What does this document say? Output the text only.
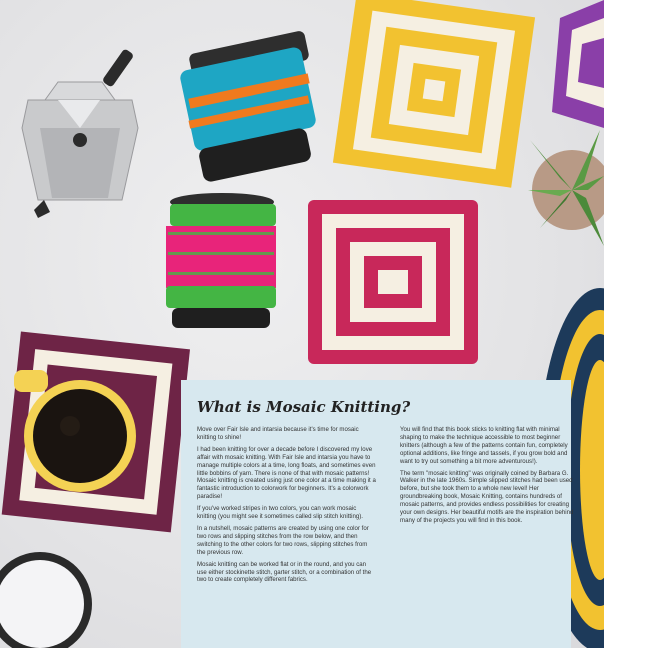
What is Mosaic Knitting?

Move over Fair Isle and intarsia because it's time for mosaic knitting to shine!

I had been knitting for over a decade before I discovered my love affair with mosaic knitting. With Fair Isle and intarsia you have to manage multiple colors at a time, long floats, and sometimes even little bobbins of yarn. There is none of that with mosaic patterns! Mosaic knitting is created using just one color at a time making it a fantastic introduction to colorwork for beginners. It's a colorwork paradise!

If you've worked stripes in two colors, you can work mosaic knitting (you might see it sometimes called slip stitch knitting).

In a nutshell, mosaic patterns are created by using one color for two rows and slipping stitches from the row below, and then switching to the other colors for two rows, slipping stitches from the previous row.

Mosaic knitting can be worked flat or in the round, and you can use either stockinette stitch, garter stitch, or a combination of the two to create completely different fabrics.

You will find that this book sticks to knitting flat with minimal shaping to make the technique accessible to most beginner knitters (although a few of the patterns contain fun, completely optional additions, like fringe and tassels, if you grow bold and want to try out something a bit more adventurous!).

The term "mosaic knitting" was originally coined by Barbara G. Walker in the late 1960s. Simple slipped stitches had been used before, but she took them to a whole new level! Her groundbreaking book, Mosaic Knitting, contains hundreds of mosaic patterns, and provides endless possibilities for creating your own designs. Her beautiful motifs are the inspiration behind many of the projects you will find in this book.
